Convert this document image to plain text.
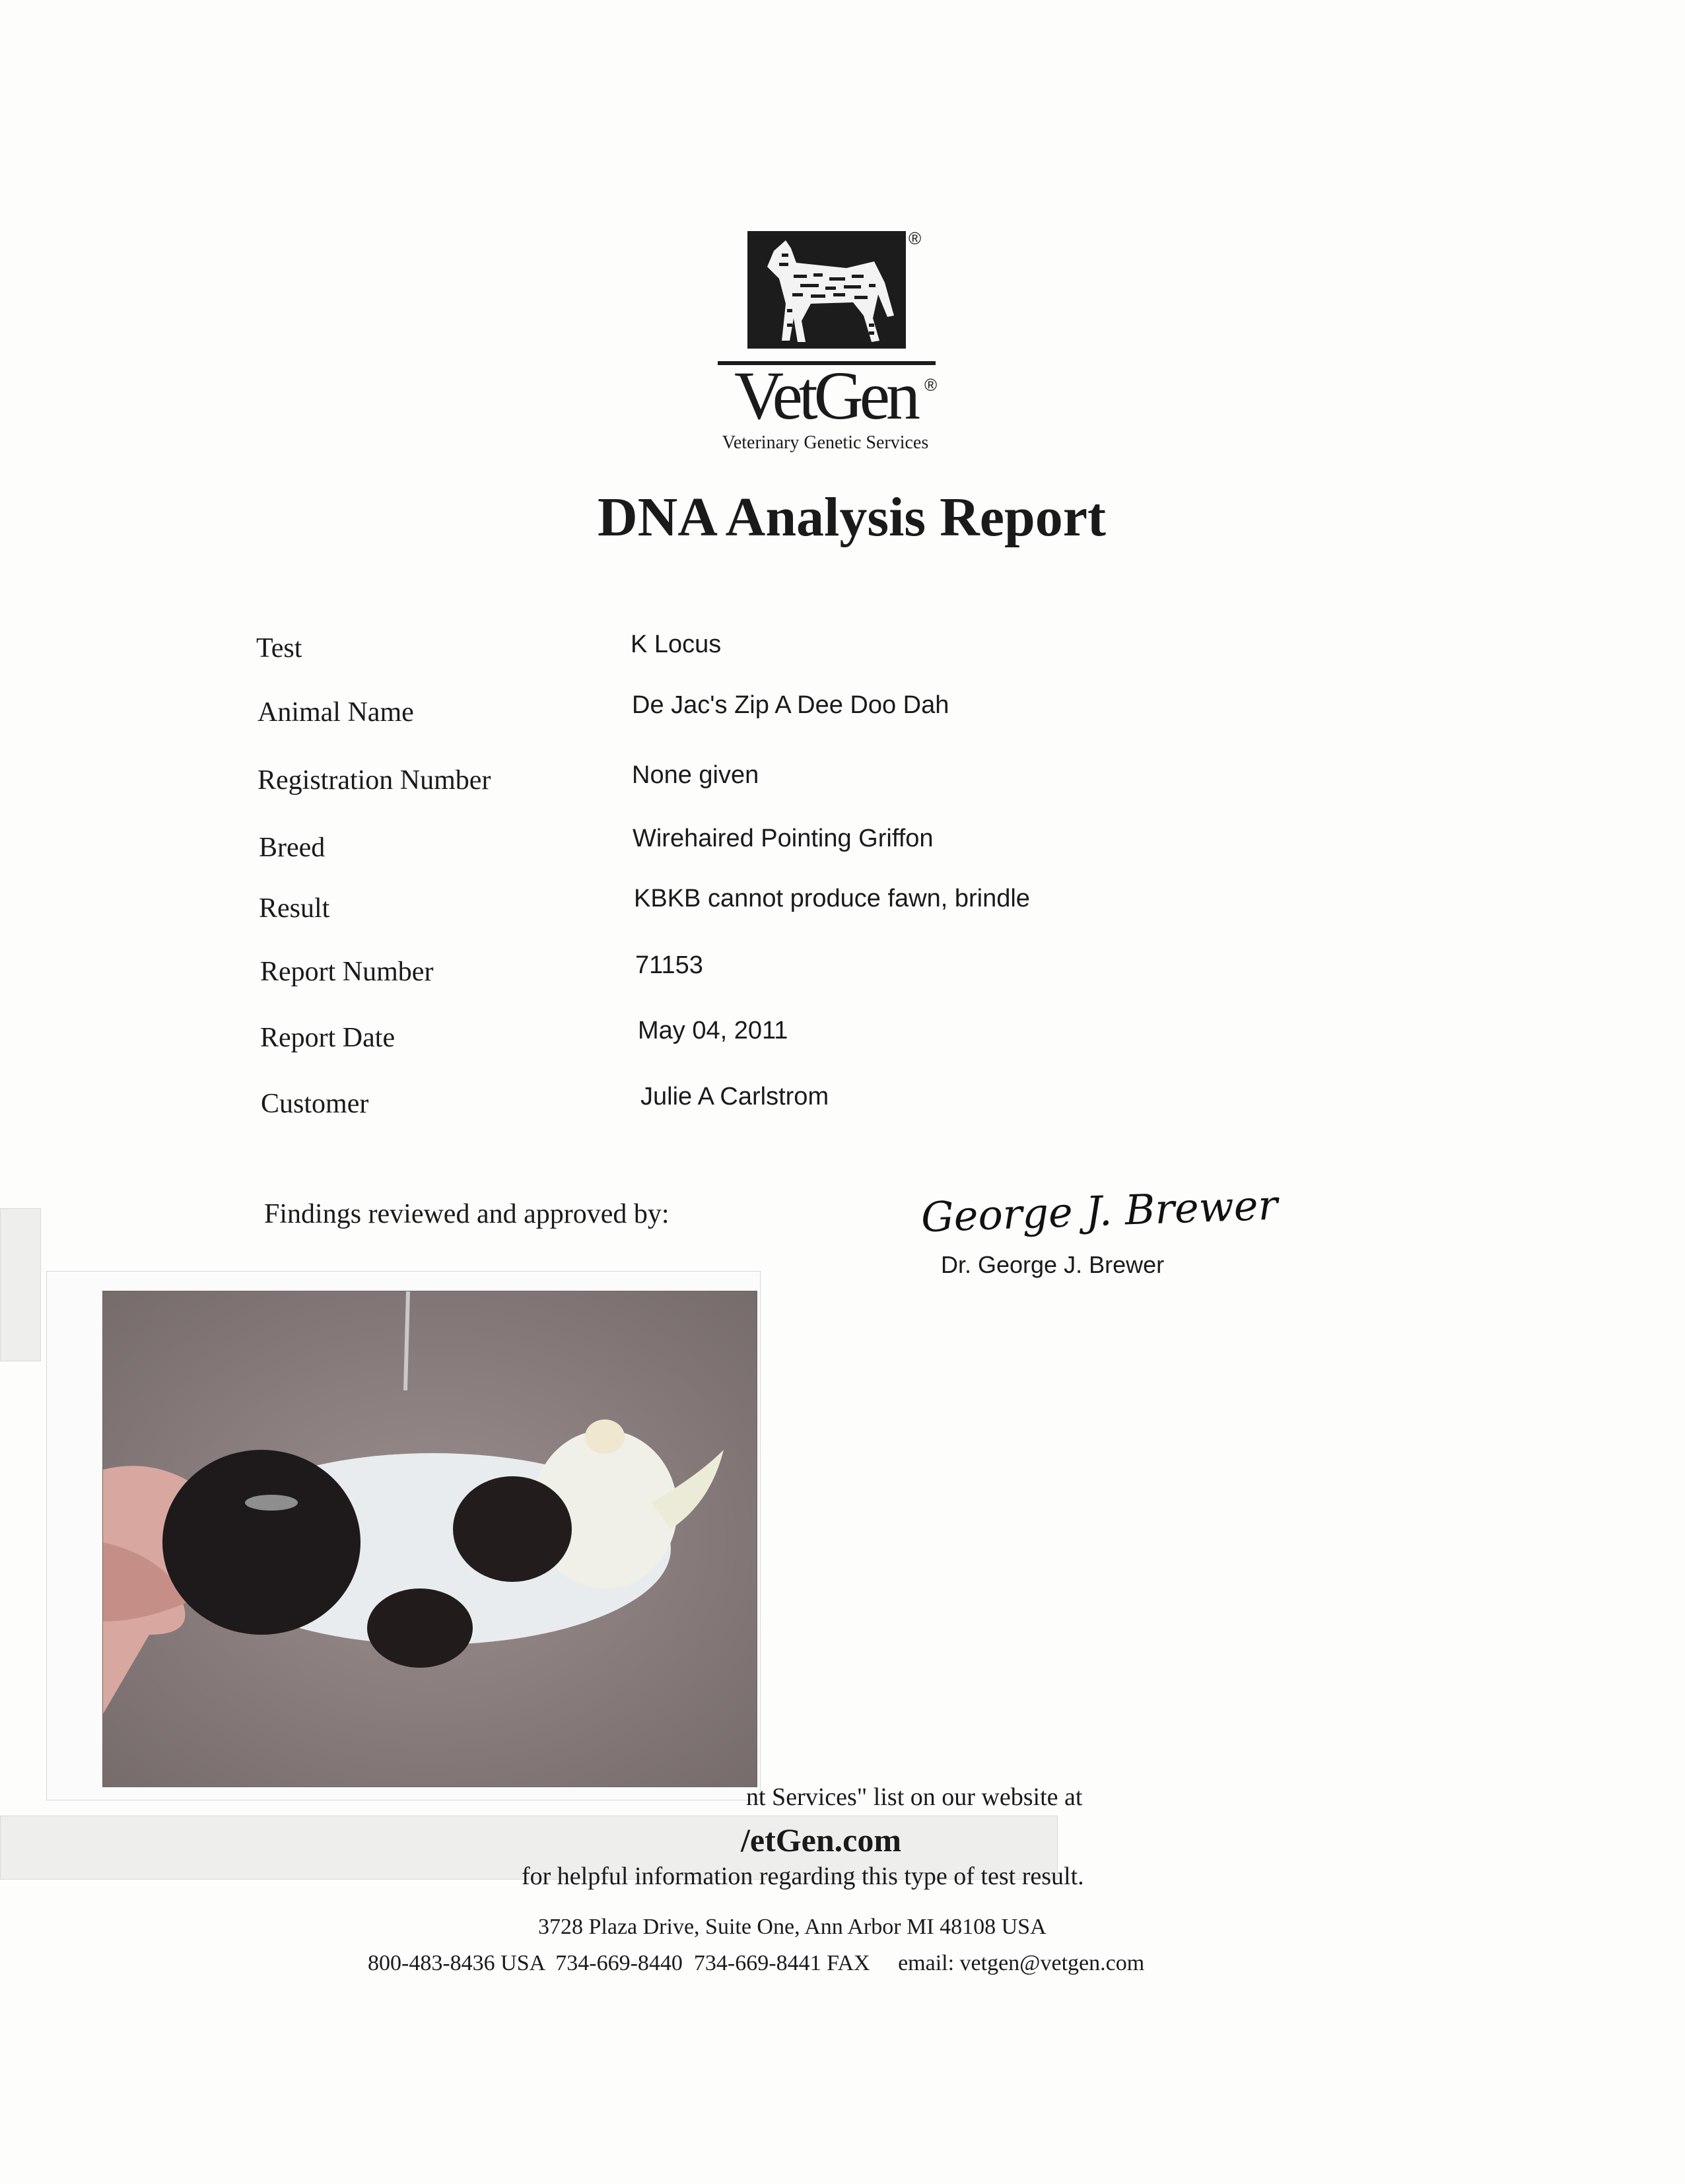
®
VetGen ®
Veterinary Genetic Services
DNA Analysis Report
Test	K Locus
Animal Name	De Jac's Zip A Dee Doo Dah
Registration Number	None given
Breed	Wirehaired Pointing Griffon
Result	KBKB cannot produce fawn, brindle
Report Number	71153
Report Date	May 04, 2011
Customer	Julie A Carlstrom
Findings reviewed and approved by:	George J. Brewer
Dr. George J. Brewer
nt Services" list on our website at
/etGen.com
for helpful information regarding this type of test result.
3728 Plaza Drive, Suite One, Ann Arbor MI 48108 USA
800-483-8436 USA  734-669-8440  734-669-8441 FAX     email: vetgen@vetgen.com
